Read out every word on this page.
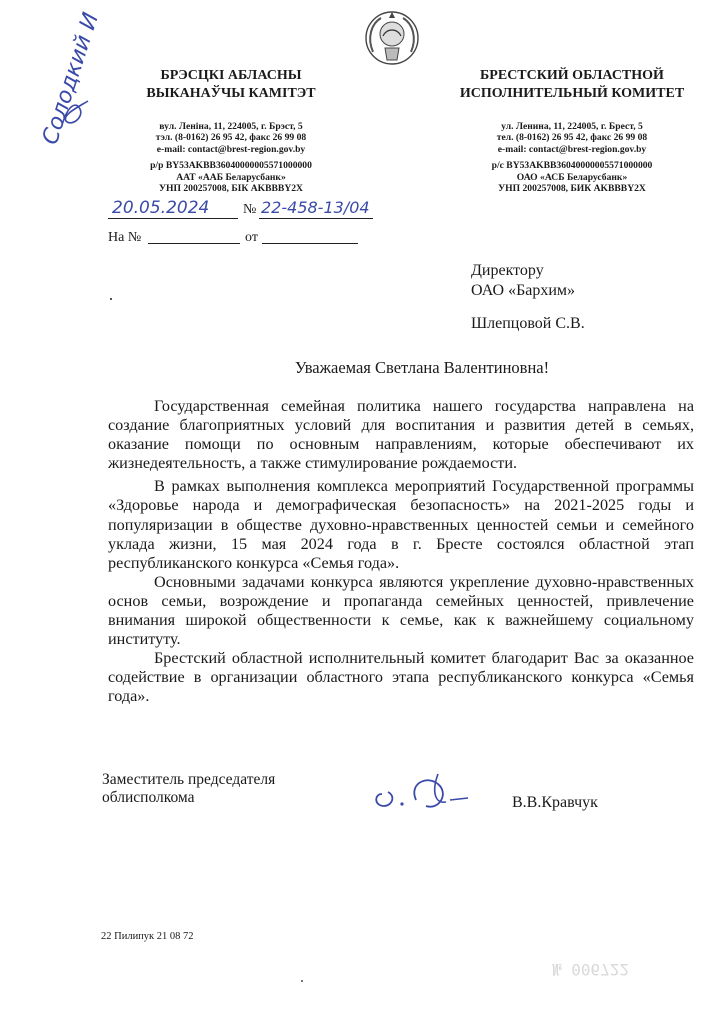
Солодкий И	БРЭСЦКI АБЛАСНЫ
ВЫКАНАЎЧЫ КАМIТЭТ
вул. Ленiна, 11, 224005, г. Брэст, 5
тэл. (8-0162) 26 95 42, факс 26 99 08
e-mail: contact@brest-region.gov.by
р/р BY53AKBB36040000005571000000
ААТ «ААБ Беларусбанк»
УНП 200257008, БIК AKBBBY2X
БРЕСТСКИЙ ОБЛАСТНОЙ
ИСПОЛНИТЕЛЬНЫЙ КОМИТЕТ
ул. Ленина, 11, 224005, г. Брест, 5
тел. (8-0162) 26 95 42, факс 26 99 08
e-mail: contact@brest-region.gov.by
р/с BY53AKBB36040000005571000000
ОАО «АСБ Беларусбанк»
УНП 200257008, БИК AKBBBY2X
20.05.2024 № 22-458-13/04
На №	от
Директору
ОАО «Бархим»
Шлепцовой С.В.
Уважаемая Светлана Валентиновна!

Государственная семейная политика нашего государства направлена на создание благоприятных условий для воспитания и развития детей в семьях, оказание помощи по основным направлениям, которые обеспечивают их жизнедеятельность, а также стимулирование рождаемости.

В рамках выполнения комплекса мероприятий Государственной программы «Здоровье народа и демографическая безопасность» на 2021-2025 годы и популяризации в обществе духовно-нравственных ценностей семьи и семейного уклада жизни, 15 мая 2024 года в г. Бресте состоялся областной этап республиканского конкурса «Семья года».

Основными задачами конкурса являются укрепление духовно-нравственных основ семьи, возрождение и пропаганда семейных ценностей, привлечение внимания широкой общественности к семье, как к важнейшему социальному институту.

Брестский областной исполнительный комитет благодарит Вас за оказанное содействие в организации областного этапа республиканского конкурса «Семья года».

Заместитель председателя
облисполкома	В.В.Кравчук
22 Пилипук 21 08 72
№ 006722
